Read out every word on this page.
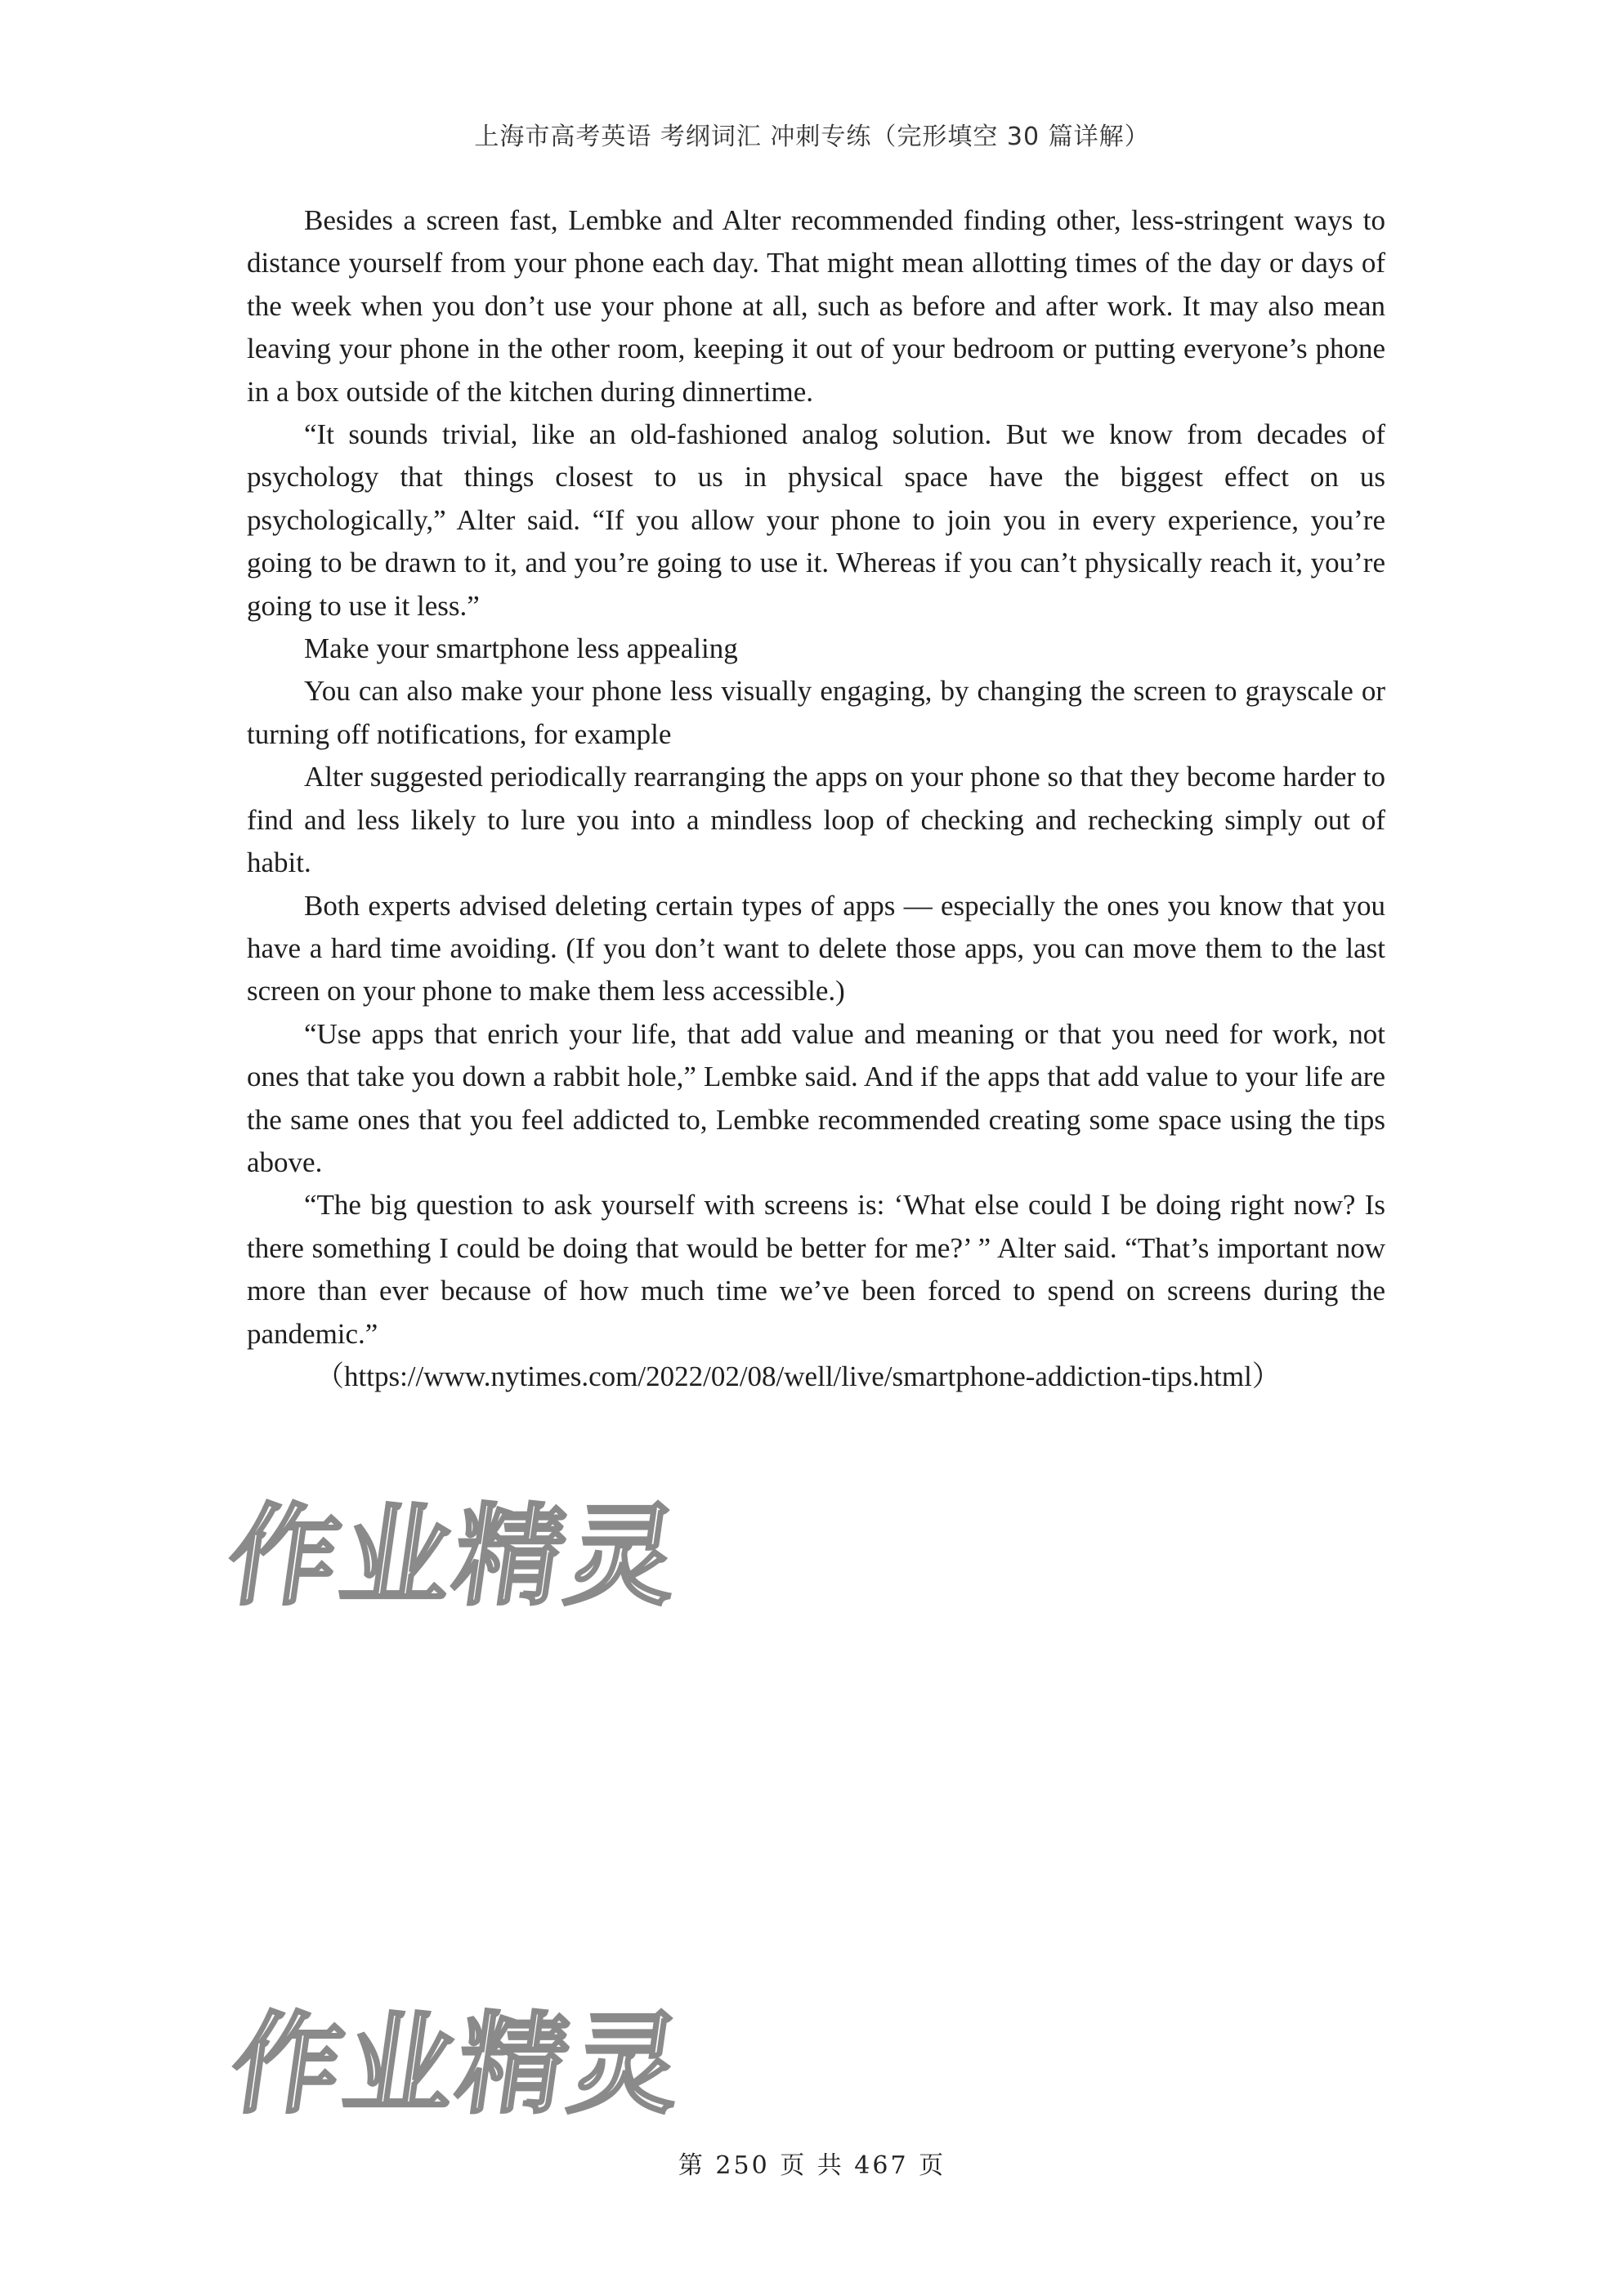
上海市高考英语 考纲词汇 冲刺专练（完形填空 30 篇详解）

Besides a screen fast, Lembke and Alter recommended finding other, less-stringent ways to distance yourself from your phone each day. That might mean allotting times of the day or days of the week when you don’t use your phone at all, such as before and after work. It may also mean leaving your phone in the other room, keeping it out of your bedroom or putting everyone’s phone in a box outside of the kitchen during dinnertime.

“It sounds trivial, like an old-fashioned analog solution. But we know from decades of psychology that things closest to us in physical space have the biggest effect on us psychologically,” Alter said. “If you allow your phone to join you in every experience, you’re going to be drawn to it, and you’re going to use it. Whereas if you can’t physically reach it, you’re going to use it less.”

Make your smartphone less appealing

You can also make your phone less visually engaging, by changing the screen to grayscale or turning off notifications, for example

Alter suggested periodically rearranging the apps on your phone so that they become harder to find and less likely to lure you into a mindless loop of checking and rechecking simply out of habit.

Both experts advised deleting certain types of apps — especially the ones you know that you have a hard time avoiding. (If you don’t want to delete those apps, you can move them to the last screen on your phone to make them less accessible.)

“Use apps that enrich your life, that add value and meaning or that you need for work, not ones that take you down a rabbit hole,” Lembke said. And if the apps that add value to your life are the same ones that you feel addicted to, Lembke recommended creating some space using the tips above.

“The big question to ask yourself with screens is: ‘What else could I be doing right now? Is there something I could be doing that would be better for me?’ ” Alter said. “That’s important now more than ever because of how much time we’ve been forced to spend on screens during the pandemic.”

（https://www.nytimes.com/2022/02/08/well/live/smartphone-addiction-tips.html）

作业精灵
作业精灵
第 250 页 共 467 页
